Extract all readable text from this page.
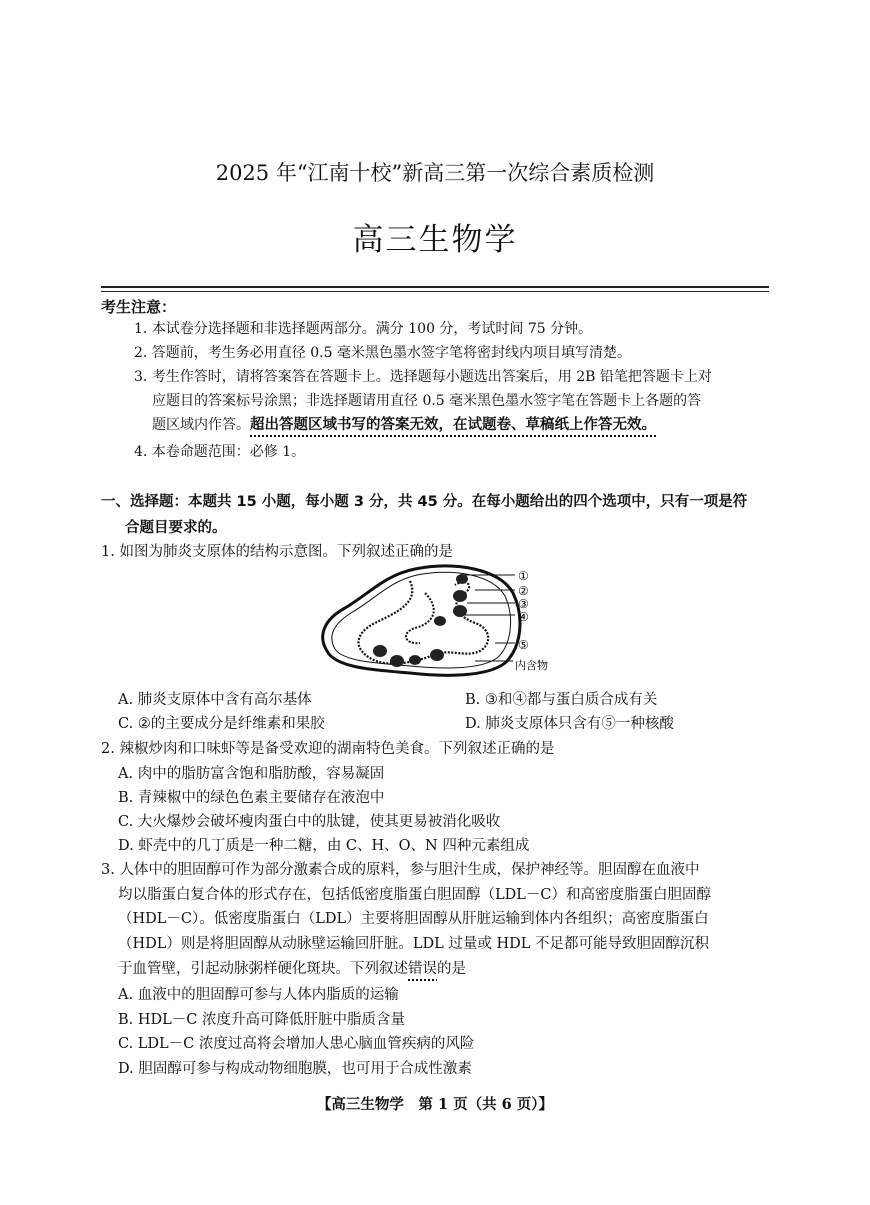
2025 年“江南十校”新高三第一次综合素质检测
高三生物学
考生注意：
1. 本试卷分选择题和非选择题两部分。满分 100 分，考试时间 75 分钟。
2. 答题前，考生务必用直径 0.5 毫米黑色墨水签字笔将密封线内项目填写清楚。
3. 考生作答时，请将答案答在答题卡上。选择题每小题选出答案后，用 2B 铅笔把答题卡上对
应题目的答案标号涂黑；非选择题请用直径 0.5 毫米黑色墨水签字笔在答题卡上各题的答
题区域内作答。超出答题区域书写的答案无效，在试题卷、草稿纸上作答无效。
4. 本卷命题范围：必修 1。
一、选择题：本题共 15 小题，每小题 3 分，共 45 分。在每小题给出的四个选项中，只有一项是符
合题目要求的。
1. 如图为肺炎支原体的结构示意图。下列叙述正确的是
①
②
③
④
⑤
内含物
A. 肺炎支原体中含有高尔基体	B. ③和④都与蛋白质合成有关
C. ②的主要成分是纤维素和果胶	D. 肺炎支原体只含有⑤一种核酸
2. 辣椒炒肉和口味虾等是备受欢迎的湖南特色美食。下列叙述正确的是
A. 肉中的脂肪富含饱和脂肪酸，容易凝固
B. 青辣椒中的绿色色素主要储存在液泡中
C. 大火爆炒会破坏瘦肉蛋白中的肽键，使其更易被消化吸收
D. 虾壳中的几丁质是一种二糖，由 C、H、O、N 四种元素组成
3. 人体中的胆固醇可作为部分激素合成的原料，参与胆汁生成，保护神经等。胆固醇在血液中
均以脂蛋白复合体的形式存在，包括低密度脂蛋白胆固醇（LDL－C）和高密度脂蛋白胆固醇
（HDL－C）。低密度脂蛋白（LDL）主要将胆固醇从肝脏运输到体内各组织；高密度脂蛋白
（HDL）则是将胆固醇从动脉壁运输回肝脏。LDL 过量或 HDL 不足都可能导致胆固醇沉积
于血管壁，引起动脉粥样硬化斑块。下列叙述错误的是
A. 血液中的胆固醇可参与人体内脂质的运输
B. HDL－C 浓度升高可降低肝脏中脂质含量
C. LDL－C 浓度过高将会增加人患心脑血管疾病的风险
D. 胆固醇可参与构成动物细胞膜，也可用于合成性激素
【高三生物学　第 1 页（共 6 页）】
